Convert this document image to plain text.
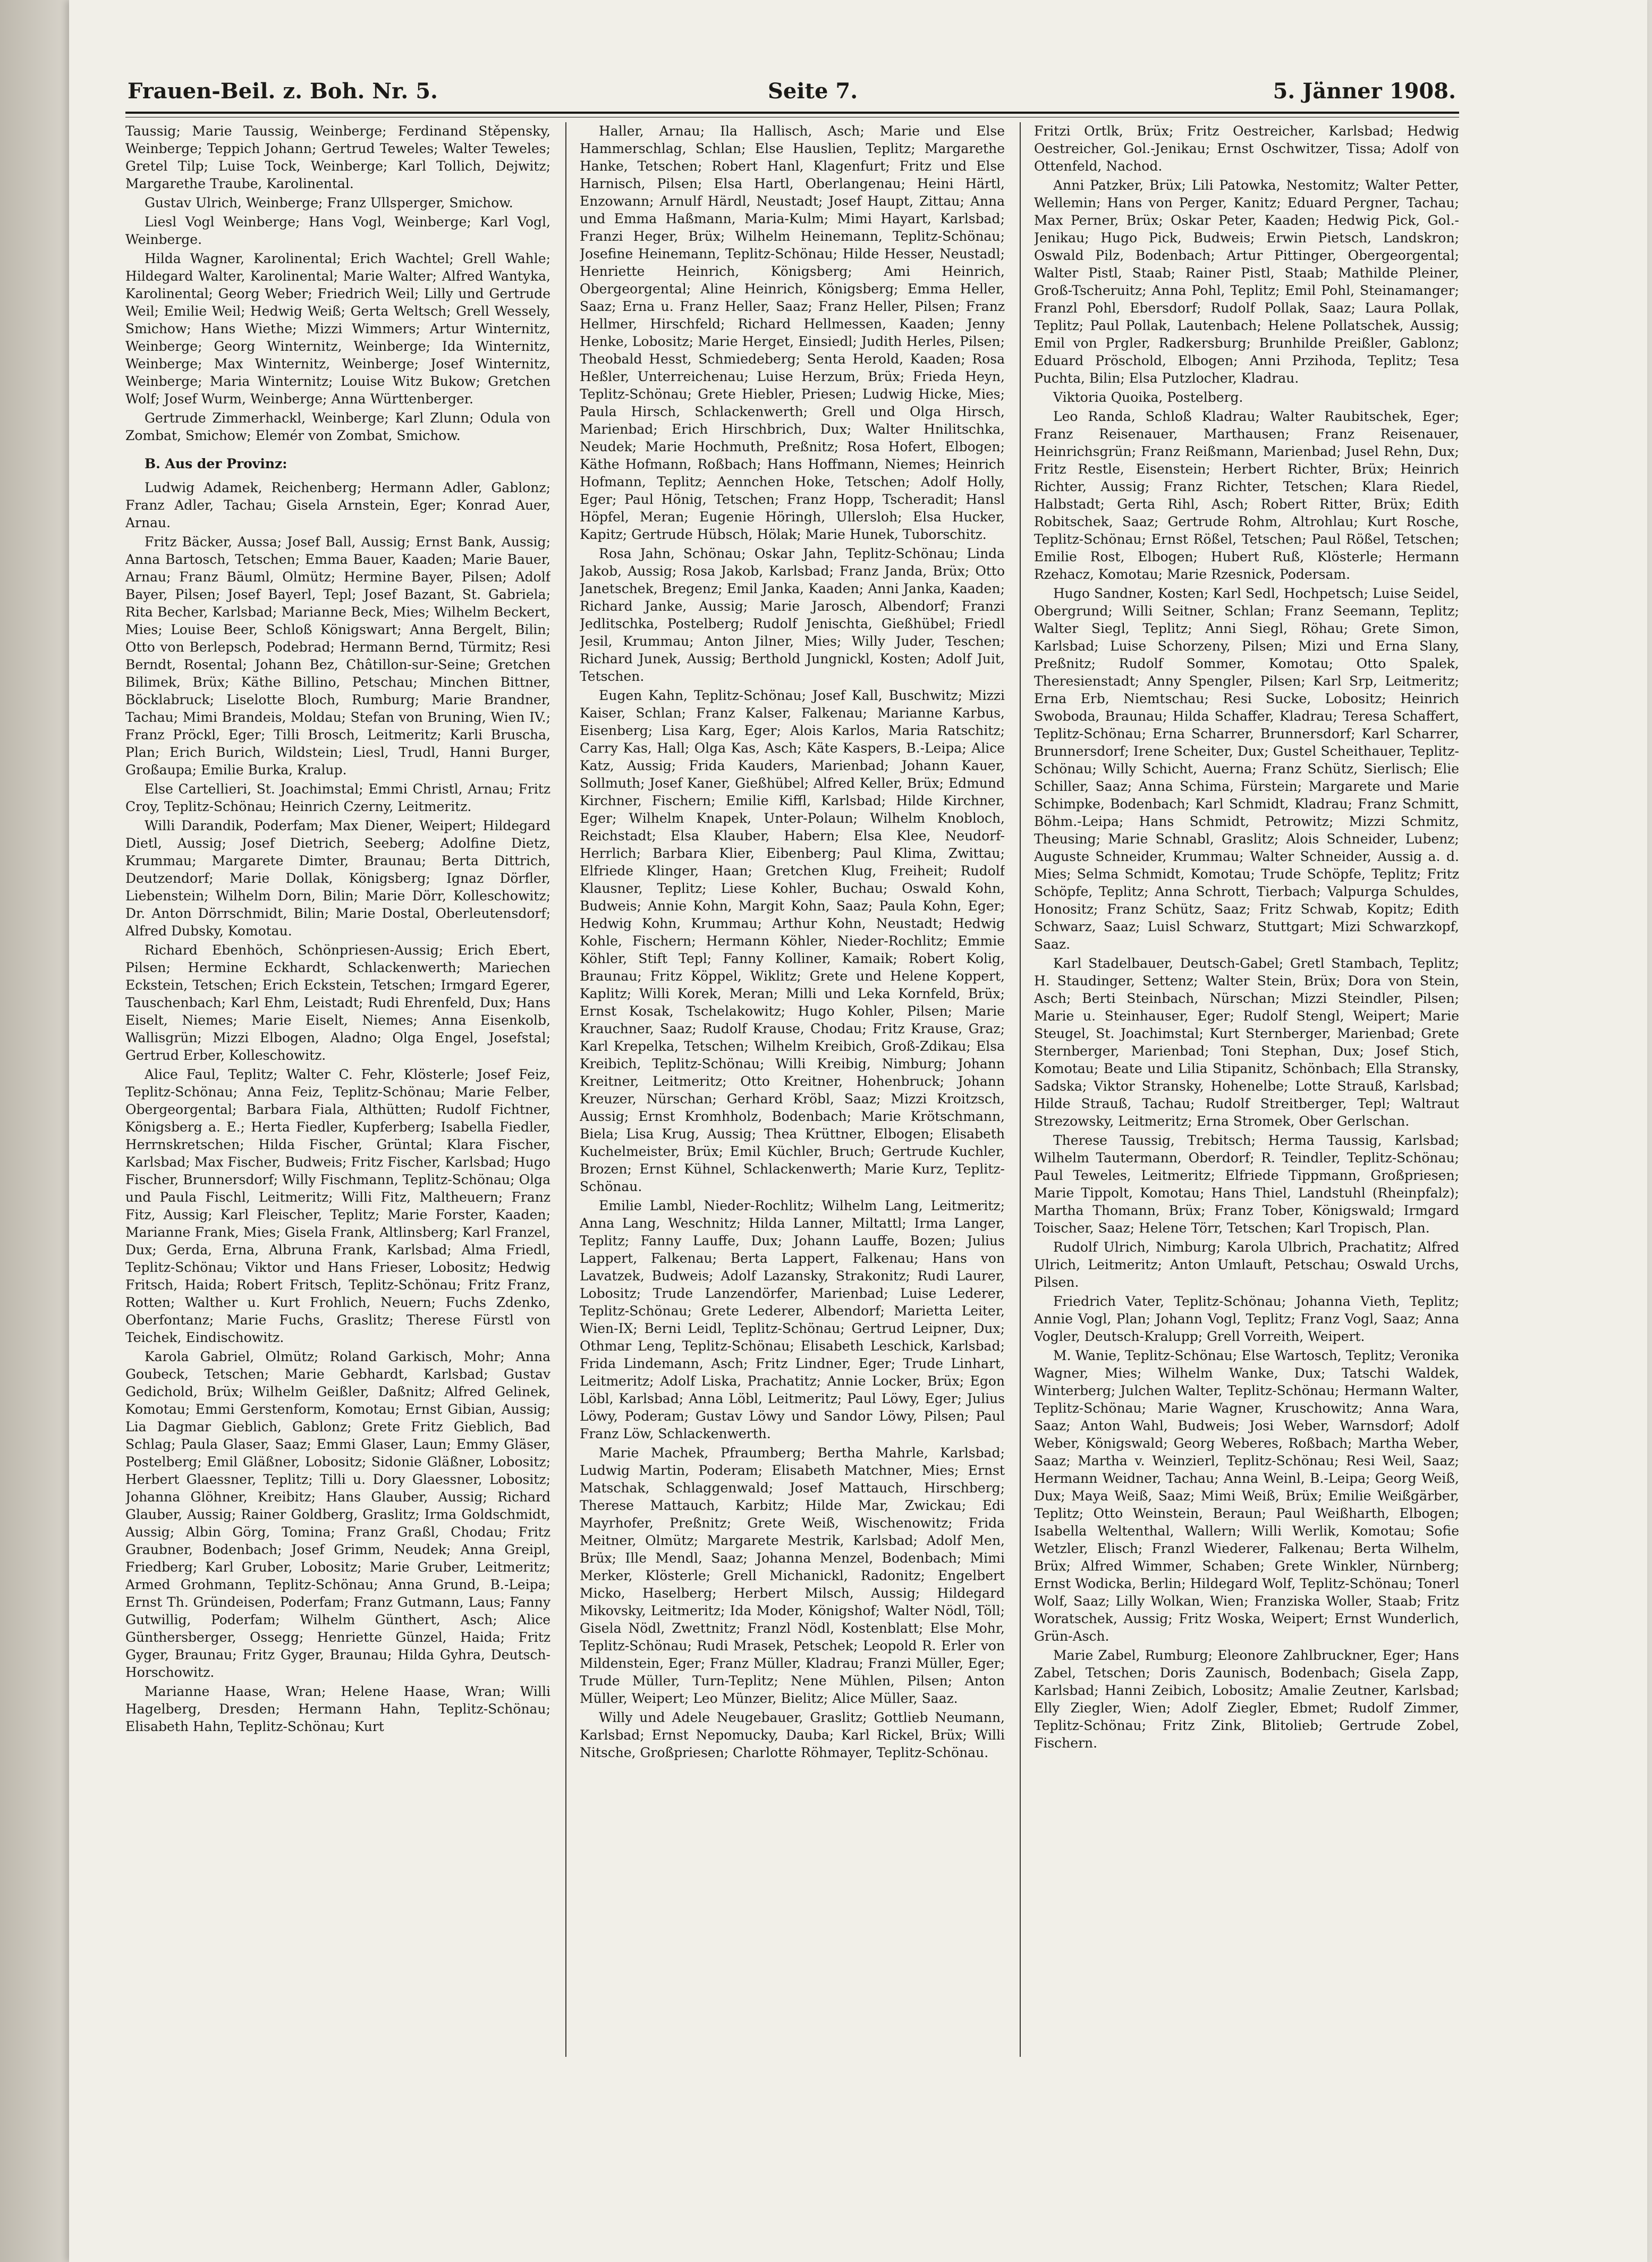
Frauen-Beil. z. Boh. Nr. 5.	Seite 7.	5. Jänner 1908.

Taussig; Marie Taussig, Weinberge; Ferdinand Stěpensky, Weinberge; Teppich Johann; Gertrud Teweles; Walter Teweles; Gretel Tilp; Luise Tock, Weinberge; Karl Tollich, Dejwitz; Margarethe Traube, Karolinental.

Gustav Ulrich, Weinberge; Franz Ullsperger, Smichow.

Liesl Vogl Weinberge; Hans Vogl, Weinberge; Karl Vogl, Weinberge.

Hilda Wagner, Karolinental; Erich Wachtel; Grell Wahle; Hildegard Walter, Karolinental; Marie Walter; Alfred Wantyka, Karolinental; Georg Weber; Friedrich Weil; Lilly und Gertrude Weil; Emilie Weil; Hedwig Weiß; Gerta Weltsch; Grell Wessely, Smichow; Hans Wiethe; Mizzi Wimmers; Artur Winternitz, Weinberge; Georg Winternitz, Weinberge; Ida Winternitz, Weinberge; Max Winternitz, Weinberge; Josef Winternitz, Weinberge; Maria Winternitz; Louise Witz Bukow; Gretchen Wolf; Josef Wurm, Weinberge; Anna Württenberger.

Gertrude Zimmerhackl, Weinberge; Karl Zlunn; Odula von Zombat, Smichow; Elemér von Zombat, Smichow.

B. Aus der Provinz:

Ludwig Adamek, Reichenberg; Hermann Adler, Gablonz; Franz Adler, Tachau; Gisela Arnstein, Eger; Konrad Auer, Arnau.

Fritz Bäcker, Aussa; Josef Ball, Aussig; Ernst Bank, Aussig; Anna Bartosch, Tetschen; Emma Bauer, Kaaden; Marie Bauer, Arnau; Franz Bäuml, Olmütz; Hermine Bayer, Pilsen; Adolf Bayer, Pilsen; Josef Bayerl, Tepl; Josef Bazant, St. Gabriela; Rita Becher, Karlsbad; Marianne Beck, Mies; Wilhelm Beckert, Mies; Louise Beer, Schloß Königswart; Anna Bergelt, Bilin; Otto von Berlepsch, Podebrad; Hermann Bernd, Türmitz; Resi Berndt, Rosental; Johann Bez, Châtillon-sur-Seine; Gretchen Bilimek, Brüx; Käthe Billino, Petschau; Minchen Bittner, Böcklabruck; Liselotte Bloch, Rumburg; Marie Brandner, Tachau; Mimi Brandeis, Moldau; Stefan von Bruning, Wien IV.; Franz Pröckl, Eger; Tilli Brosch, Leitmeritz; Karli Bruscha, Plan; Erich Burich, Wildstein; Liesl, Trudl, Hanni Burger, Großaupa; Emilie Burka, Kralup.

Else Cartellieri, St. Joachimstal; Emmi Christl, Arnau; Fritz Croy, Teplitz-Schönau; Heinrich Czerny, Leitmeritz.

Willi Darandik, Poderfam; Max Diener, Weipert; Hildegard Dietl, Aussig; Josef Dietrich, Seeberg; Adolfine Dietz, Krummau; Margarete Dimter, Braunau; Berta Dittrich, Deutzendorf; Marie Dollak, Königsberg; Ignaz Dörfler, Liebenstein; Wilhelm Dorn, Bilin; Marie Dörr, Kolleschowitz; Dr. Anton Dörrschmidt, Bilin; Marie Dostal, Oberleutensdorf; Alfred Dubsky, Komotau.

Richard Ebenhöch, Schönpriesen-Aussig; Erich Ebert, Pilsen; Hermine Eckhardt, Schlackenwerth; Mariechen Eckstein, Tetschen; Erich Eckstein, Tetschen; Irmgard Egerer, Tauschenbach; Karl Ehm, Leistadt; Rudi Ehrenfeld, Dux; Hans Eiselt, Niemes; Marie Eiselt, Niemes; Anna Eisenkolb, Wallisgrün; Mizzi Elbogen, Aladno; Olga Engel, Josefstal; Gertrud Erber, Kolleschowitz.

Alice Faul, Teplitz; Walter C. Fehr, Klösterle; Josef Feiz, Teplitz-Schönau; Anna Feiz, Teplitz-Schönau; Marie Felber, Obergeorgental; Barbara Fiala, Althütten; Rudolf Fichtner, Königsberg a. E.; Herta Fiedler, Kupferberg; Isabella Fiedler, Herrnskretschen; Hilda Fischer, Grüntal; Klara Fischer, Karlsbad; Max Fischer, Budweis; Fritz Fischer, Karlsbad; Hugo Fischer, Brunnersdorf; Willy Fischmann, Teplitz-Schönau; Olga und Paula Fischl, Leitmeritz; Willi Fitz, Maltheuern; Franz Fitz, Aussig; Karl Fleischer, Teplitz; Marie Forster, Kaaden; Marianne Frank, Mies; Gisela Frank, Altlinsberg; Karl Franzel, Dux; Gerda, Erna, Albruna Frank, Karlsbad; Alma Friedl, Teplitz-Schönau; Viktor und Hans Frieser, Lobositz; Hedwig Fritsch, Haida; Robert Fritsch, Teplitz-Schönau; Fritz Franz, Rotten; Walther u. Kurt Frohlich, Neuern; Fuchs Zdenko, Oberfontanz; Marie Fuchs, Graslitz; Therese Fürstl von Teichek, Eindischowitz.

Karola Gabriel, Olmütz; Roland Garkisch, Mohr; Anna Goubeck, Tetschen; Marie Gebhardt, Karlsbad; Gustav Gedichold, Brüx; Wilhelm Geißler, Daßnitz; Alfred Gelinek, Komotau; Emmi Gerstenform, Komotau; Ernst Gibian, Aussig; Lia Dagmar Gieblich, Gablonz; Grete Fritz Gieblich, Bad Schlag; Paula Glaser, Saaz; Emmi Glaser, Laun; Emmy Gläser, Postelberg; Emil Gläßner, Lobositz; Sidonie Gläßner, Lobositz; Herbert Glaessner, Teplitz; Tilli u. Dory Glaessner, Lobositz; Johanna Glöhner, Kreibitz; Hans Glauber, Aussig; Richard Glauber, Aussig; Rainer Goldberg, Graslitz; Irma Goldschmidt, Aussig; Albin Görg, Tomina; Franz Graßl, Chodau; Fritz Graubner, Bodenbach; Josef Grimm, Neudek; Anna Greipl, Friedberg; Karl Gruber, Lobositz; Marie Gruber, Leitmeritz; Armed Grohmann, Teplitz-Schönau; Anna Grund, B.-Leipa; Ernst Th. Gründeisen, Poderfam; Franz Gutmann, Laus; Fanny Gutwillig, Poderfam; Wilhelm Günthert, Asch; Alice Günthersberger, Ossegg; Henriette Günzel, Haida; Fritz Gyger, Braunau; Fritz Gyger, Braunau; Hilda Gyhra, Deutsch-Horschowitz.

Marianne Haase, Wran; Helene Haase, Wran; Willi Hagelberg, Dresden; Hermann Hahn, Teplitz-Schönau; Elisabeth Hahn, Teplitz-Schönau; Kurt

Haller, Arnau; Ila Hallisch, Asch; Marie und Else Hammerschlag, Schlan; Else Hauslien, Teplitz; Margarethe Hanke, Tetschen; Robert Hanl, Klagenfurt; Fritz und Else Harnisch, Pilsen; Elsa Hartl, Oberlangenau; Heini Härtl, Enzowann; Arnulf Härdl, Neustadt; Josef Haupt, Zittau; Anna und Emma Haßmann, Maria-Kulm; Mimi Hayart, Karlsbad; Franzi Heger, Brüx; Wilhelm Heinemann, Teplitz-Schönau; Josefine Heinemann, Teplitz-Schönau; Hilde Hesser, Neustadl; Henriette Heinrich, Königsberg; Ami Heinrich, Obergeorgental; Aline Heinrich, Königsberg; Emma Heller, Saaz; Erna u. Franz Heller, Saaz; Franz Heller, Pilsen; Franz Hellmer, Hirschfeld; Richard Hellmessen, Kaaden; Jenny Henke, Lobositz; Marie Herget, Einsiedl; Judith Herles, Pilsen; Theobald Hesst, Schmiedeberg; Senta Herold, Kaaden; Rosa Heßler, Unterreichenau; Luise Herzum, Brüx; Frieda Heyn, Teplitz-Schönau; Grete Hiebler, Priesen; Ludwig Hicke, Mies; Paula Hirsch, Schlackenwerth; Grell und Olga Hirsch, Marienbad; Erich Hirschbrich, Dux; Walter Hnilitschka, Neudek; Marie Hochmuth, Preßnitz; Rosa Hofert, Elbogen; Käthe Hofmann, Roßbach; Hans Hoffmann, Niemes; Heinrich Hofmann, Teplitz; Aennchen Hoke, Tetschen; Adolf Holly, Eger; Paul Hönig, Tetschen; Franz Hopp, Tscheradit; Hansl Höpfel, Meran; Eugenie Höringh, Ullersloh; Elsa Hucker, Kapitz; Gertrude Hübsch, Hölak; Marie Hunek, Tuborschitz.

Rosa Jahn, Schönau; Oskar Jahn, Teplitz-Schönau; Linda Jakob, Aussig; Rosa Jakob, Karlsbad; Franz Janda, Brüx; Otto Janetschek, Bregenz; Emil Janka, Kaaden; Anni Janka, Kaaden; Richard Janke, Aussig; Marie Jarosch, Albendorf; Franzi Jedlitschka, Postelberg; Rudolf Jenischta, Gießhübel; Friedl Jesil, Krummau; Anton Jilner, Mies; Willy Juder, Teschen; Richard Junek, Aussig; Berthold Jungnickl, Kosten; Adolf Juit, Tetschen.

Eugen Kahn, Teplitz-Schönau; Josef Kall, Buschwitz; Mizzi Kaiser, Schlan; Franz Kalser, Falkenau; Marianne Karbus, Eisenberg; Lisa Karg, Eger; Alois Karlos, Maria Ratschitz; Carry Kas, Hall; Olga Kas, Asch; Käte Kaspers, B.-Leipa; Alice Katz, Aussig; Frida Kauders, Marienbad; Johann Kauer, Sollmuth; Josef Kaner, Gießhübel; Alfred Keller, Brüx; Edmund Kirchner, Fischern; Emilie Kiffl, Karlsbad; Hilde Kirchner, Eger; Wilhelm Knapek, Unter-Polaun; Wilhelm Knobloch, Reichstadt; Elsa Klauber, Habern; Elsa Klee, Neudorf-Herrlich; Barbara Klier, Eibenberg; Paul Klima, Zwittau; Elfriede Klinger, Haan; Gretchen Klug, Freiheit; Rudolf Klausner, Teplitz; Liese Kohler, Buchau; Oswald Kohn, Budweis; Annie Kohn, Margit Kohn, Saaz; Paula Kohn, Eger; Hedwig Kohn, Krummau; Arthur Kohn, Neustadt; Hedwig Kohle, Fischern; Hermann Köhler, Nieder-Rochlitz; Emmie Köhler, Stift Tepl; Fanny Kolliner, Kamaik; Robert Kolig, Braunau; Fritz Köppel, Wiklitz; Grete und Helene Koppert, Kaplitz; Willi Korek, Meran; Milli und Leka Kornfeld, Brüx; Ernst Kosak, Tschelakowitz; Hugo Kohler, Pilsen; Marie Krauchner, Saaz; Rudolf Krause, Chodau; Fritz Krause, Graz; Karl Krepelka, Tetschen; Wilhelm Kreibich, Groß-Zdikau; Elsa Kreibich, Teplitz-Schönau; Willi Kreibig, Nimburg; Johann Kreitner, Leitmeritz; Otto Kreitner, Hohenbruck; Johann Kreuzer, Nürschan; Gerhard Kröbl, Saaz; Mizzi Kroitzsch, Aussig; Ernst Kromhholz, Bodenbach; Marie Krötschmann, Biela; Lisa Krug, Aussig; Thea Krüttner, Elbogen; Elisabeth Kuchelmeister, Brüx; Emil Küchler, Bruch; Gertrude Kuchler, Brozen; Ernst Kühnel, Schlackenwerth; Marie Kurz, Teplitz-Schönau.

Emilie Lambl, Nieder-Rochlitz; Wilhelm Lang, Leitmeritz; Anna Lang, Weschnitz; Hilda Lanner, Miltattl; Irma Langer, Teplitz; Fanny Lauffe, Dux; Johann Lauffe, Bozen; Julius Lappert, Falkenau; Berta Lappert, Falkenau; Hans von Lavatzek, Budweis; Adolf Lazansky, Strakonitz; Rudi Laurer, Lobositz; Trude Lanzendörfer, Marienbad; Luise Lederer, Teplitz-Schönau; Grete Lederer, Albendorf; Marietta Leiter, Wien-IX; Berni Leidl, Teplitz-Schönau; Gertrud Leipner, Dux; Othmar Leng, Teplitz-Schönau; Elisabeth Leschick, Karlsbad; Frida Lindemann, Asch; Fritz Lindner, Eger; Trude Linhart, Leitmeritz; Adolf Liska, Prachatitz; Annie Locker, Brüx; Egon Löbl, Karlsbad; Anna Löbl, Leitmeritz; Paul Löwy, Eger; Julius Löwy, Poderam; Gustav Löwy und Sandor Löwy, Pilsen; Paul Franz Löw, Schlackenwerth.

Marie Machek, Pfraumberg; Bertha Mahrle, Karlsbad; Ludwig Martin, Poderam; Elisabeth Matchner, Mies; Ernst Matschak, Schlaggenwald; Josef Mattauch, Hirschberg; Therese Mattauch, Karbitz; Hilde Mar, Zwickau; Edi Mayrhofer, Preßnitz; Grete Weiß, Wischenowitz; Frida Meitner, Olmütz; Margarete Mestrik, Karlsbad; Adolf Men, Brüx; Ille Mendl, Saaz; Johanna Menzel, Bodenbach; Mimi Merker, Klösterle; Grell Michanickl, Radonitz; Engelbert Micko, Haselberg; Herbert Milsch, Aussig; Hildegard Mikovsky, Leitmeritz; Ida Moder, Königshof; Walter Nödl, Töll; Gisela Nödl, Zwettnitz; Franzl Nödl, Kostenblatt; Else Mohr, Teplitz-Schönau; Rudi Mrasek, Petschek; Leopold R. Erler von Mildenstein, Eger; Franz Müller, Kladrau; Franzi Müller, Eger; Trude Müller, Turn-Teplitz; Nene Mühlen, Pilsen; Anton Müller, Weipert; Leo Münzer, Bielitz; Alice Müller, Saaz.

Willy und Adele Neugebauer, Graslitz; Gottlieb Neumann, Karlsbad; Ernst Nepomucky, Dauba; Karl Rickel, Brüx; Willi Nitsche, Großpriesen; Charlotte Röhmayer, Teplitz-Schönau.

Fritzi Ortlk, Brüx; Fritz Oestreicher, Karlsbad; Hedwig Oestreicher, Gol.-Jenikau; Ernst Oschwitzer, Tissa; Adolf von Ottenfeld, Nachod.

Anni Patzker, Brüx; Lili Patowka, Nestomitz; Walter Petter, Wellemin; Hans von Perger, Kanitz; Eduard Pergner, Tachau; Max Perner, Brüx; Oskar Peter, Kaaden; Hedwig Pick, Gol.-Jenikau; Hugo Pick, Budweis; Erwin Pietsch, Landskron; Oswald Pilz, Bodenbach; Artur Pittinger, Obergeorgental; Walter Pistl, Staab; Rainer Pistl, Staab; Mathilde Pleiner, Groß-Tscheruitz; Anna Pohl, Teplitz; Emil Pohl, Steinamanger; Franzl Pohl, Ebersdorf; Rudolf Pollak, Saaz; Laura Pollak, Teplitz; Paul Pollak, Lautenbach; Helene Pollatschek, Aussig; Emil von Prgler, Radkersburg; Brunhilde Preißler, Gablonz; Eduard Pröschold, Elbogen; Anni Przihoda, Teplitz; Tesa Puchta, Bilin; Elsa Putzlocher, Kladrau.

Viktoria Quoika, Postelberg.

Leo Randa, Schloß Kladrau; Walter Raubitschek, Eger; Franz Reisenauer, Marthausen; Franz Reisenauer, Heinrichsgrün; Franz Reißmann, Marienbad; Jusel Rehn, Dux; Fritz Restle, Eisenstein; Herbert Richter, Brüx; Heinrich Richter, Aussig; Franz Richter, Tetschen; Klara Riedel, Halbstadt; Gerta Rihl, Asch; Robert Ritter, Brüx; Edith Robitschek, Saaz; Gertrude Rohm, Altrohlau; Kurt Rosche, Teplitz-Schönau; Ernst Rößel, Tetschen; Paul Rößel, Tetschen; Emilie Rost, Elbogen; Hubert Ruß, Klösterle; Hermann Rzehacz, Komotau; Marie Rzesnick, Podersam.

Hugo Sandner, Kosten; Karl Sedl, Hochpetsch; Luise Seidel, Obergrund; Willi Seitner, Schlan; Franz Seemann, Teplitz; Walter Siegl, Teplitz; Anni Siegl, Röhau; Grete Simon, Karlsbad; Luise Schorzeny, Pilsen; Mizi und Erna Slany, Preßnitz; Rudolf Sommer, Komotau; Otto Spalek, Theresienstadt; Anny Spengler, Pilsen; Karl Srp, Leitmeritz; Erna Erb, Niemtschau; Resi Sucke, Lobositz; Heinrich Swoboda, Braunau; Hilda Schaffer, Kladrau; Teresa Schaffert, Teplitz-Schönau; Erna Scharrer, Brunnersdorf; Karl Scharrer, Brunnersdorf; Irene Scheiter, Dux; Gustel Scheithauer, Teplitz-Schönau; Willy Schicht, Auerna; Franz Schütz, Sierlisch; Elie Schiller, Saaz; Anna Schima, Fürstein; Margarete und Marie Schimpke, Bodenbach; Karl Schmidt, Kladrau; Franz Schmitt, Böhm.-Leipa; Hans Schmidt, Petrowitz; Mizzi Schmitz, Theusing; Marie Schnabl, Graslitz; Alois Schneider, Lubenz; Auguste Schneider, Krummau; Walter Schneider, Aussig a. d. Mies; Selma Schmidt, Komotau; Trude Schöpfe, Teplitz; Fritz Schöpfe, Teplitz; Anna Schrott, Tierbach; Valpurga Schuldes, Honositz; Franz Schütz, Saaz; Fritz Schwab, Kopitz; Edith Schwarz, Saaz; Luisl Schwarz, Stuttgart; Mizi Schwarzkopf, Saaz.

Karl Stadelbauer, Deutsch-Gabel; Gretl Stambach, Teplitz; H. Staudinger, Settenz; Walter Stein, Brüx; Dora von Stein, Asch; Berti Steinbach, Nürschan; Mizzi Steindler, Pilsen; Marie u. Steinhauser, Eger; Rudolf Stengl, Weipert; Marie Steugel, St. Joachimstal; Kurt Sternberger, Marienbad; Grete Sternberger, Marienbad; Toni Stephan, Dux; Josef Stich, Komotau; Beate und Lilia Stipanitz, Schönbach; Ella Stransky, Sadska; Viktor Stransky, Hohenelbe; Lotte Strauß, Karlsbad; Hilde Strauß, Tachau; Rudolf Streitberger, Tepl; Waltraut Strezowsky, Leitmeritz; Erna Stromek, Ober Gerlschan.

Therese Taussig, Trebitsch; Herma Taussig, Karlsbad; Wilhelm Tautermann, Oberdorf; R. Teindler, Teplitz-Schönau; Paul Teweles, Leitmeritz; Elfriede Tippmann, Großpriesen; Marie Tippolt, Komotau; Hans Thiel, Landstuhl (Rheinpfalz); Martha Thomann, Brüx; Franz Tober, Königswald; Irmgard Toischer, Saaz; Helene Törr, Tetschen; Karl Tropisch, Plan.

Rudolf Ulrich, Nimburg; Karola Ulbrich, Prachatitz; Alfred Ulrich, Leitmeritz; Anton Umlauft, Petschau; Oswald Urchs, Pilsen.

Friedrich Vater, Teplitz-Schönau; Johanna Vieth, Teplitz; Annie Vogl, Plan; Johann Vogl, Teplitz; Franz Vogl, Saaz; Anna Vogler, Deutsch-Kralupp; Grell Vorreith, Weipert.

M. Wanie, Teplitz-Schönau; Else Wartosch, Teplitz; Veronika Wagner, Mies; Wilhelm Wanke, Dux; Tatschi Waldek, Winterberg; Julchen Walter, Teplitz-Schönau; Hermann Walter, Teplitz-Schönau; Marie Wagner, Kruschowitz; Anna Wara, Saaz; Anton Wahl, Budweis; Josi Weber, Warnsdorf; Adolf Weber, Königswald; Georg Weberes, Roßbach; Martha Weber, Saaz; Martha v. Weinzierl, Teplitz-Schönau; Resi Weil, Saaz; Hermann Weidner, Tachau; Anna Weinl, B.-Leipa; Georg Weiß, Dux; Maya Weiß, Saaz; Mimi Weiß, Brüx; Emilie Weißgärber, Teplitz; Otto Weinstein, Beraun; Paul Weißharth, Elbogen; Isabella Weltenthal, Wallern; Willi Werlik, Komotau; Sofie Wetzler, Elisch; Franzl Wiederer, Falkenau; Berta Wilhelm, Brüx; Alfred Wimmer, Schaben; Grete Winkler, Nürnberg; Ernst Wodicka, Berlin; Hildegard Wolf, Teplitz-Schönau; Tonerl Wolf, Saaz; Lilly Wolkan, Wien; Franziska Woller, Staab; Fritz Woratschek, Aussig; Fritz Woska, Weipert; Ernst Wunderlich, Grün-Asch.

Marie Zabel, Rumburg; Eleonore Zahlbruckner, Eger; Hans Zabel, Tetschen; Doris Zaunisch, Bodenbach; Gisela Zapp, Karlsbad; Hanni Zeibich, Lobositz; Amalie Zeutner, Karlsbad; Elly Ziegler, Wien; Adolf Ziegler, Ebmet; Rudolf Zimmer, Teplitz-Schönau; Fritz Zink, Blitolieb; Gertrude Zobel, Fischern.
